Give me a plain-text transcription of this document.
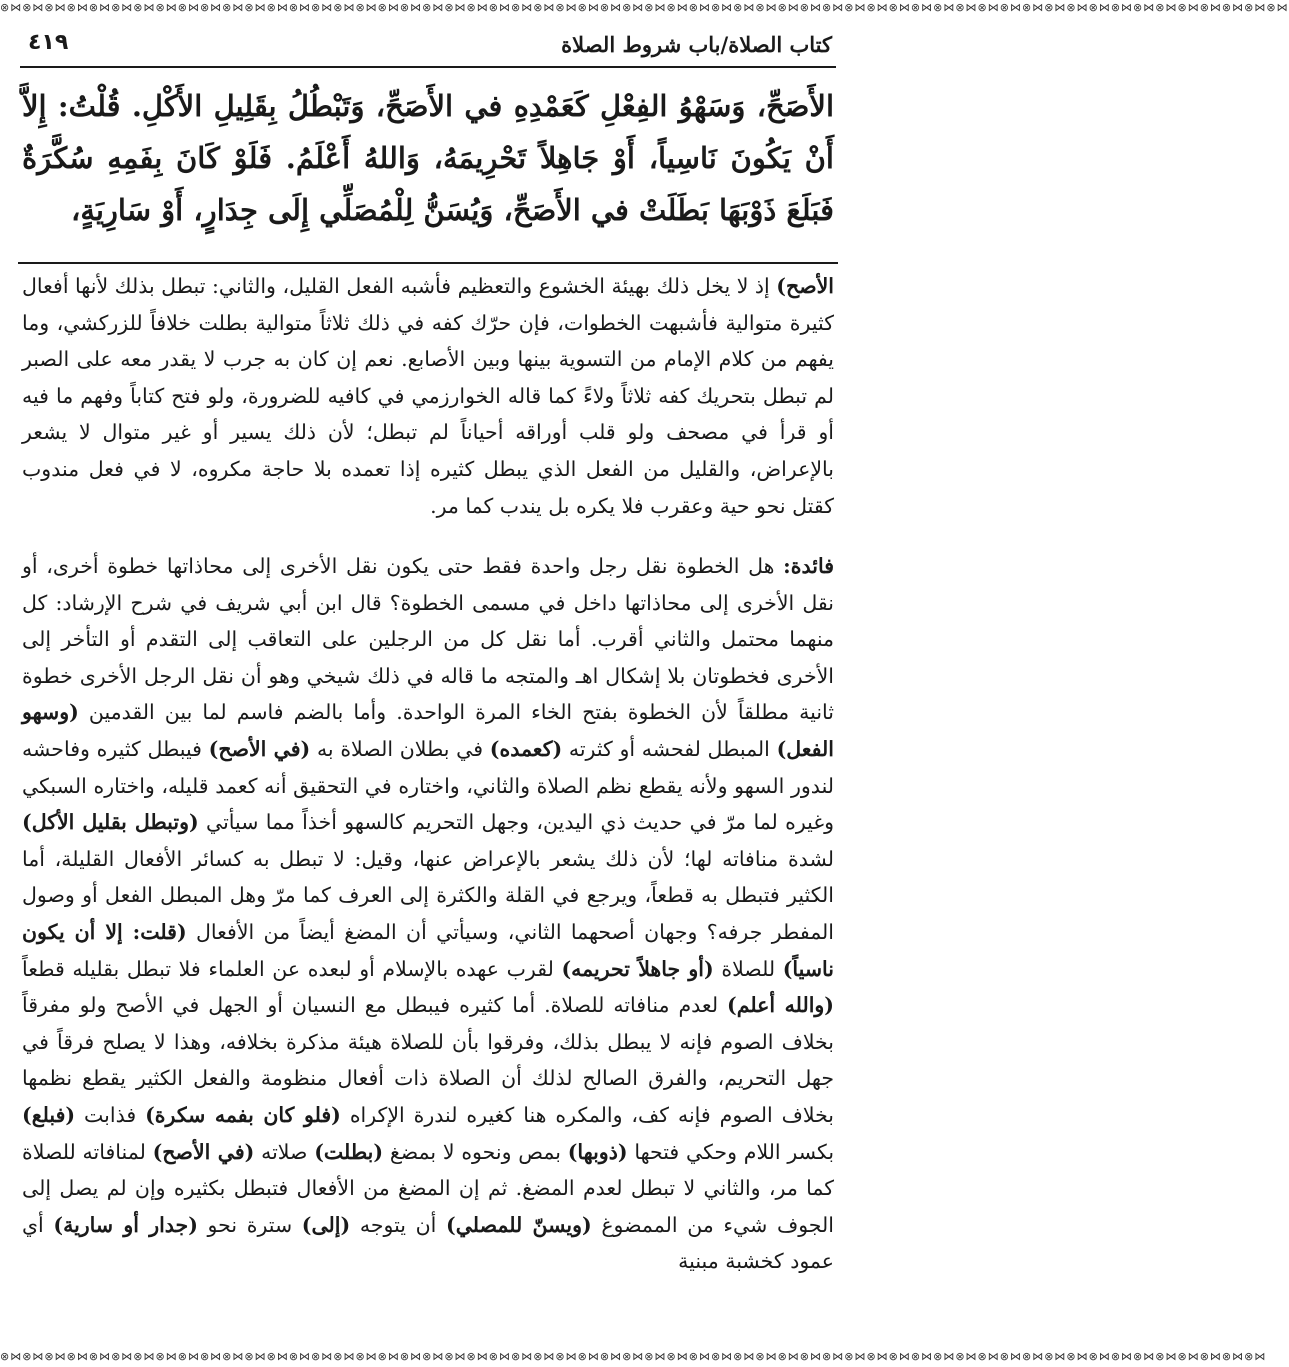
⊗⋈⊗⋈⊗⋈⊗⋈⊗⋈⊗⋈⊗⋈⊗⋈⊗⋈⊗⋈⊗⋈⊗⋈⊗⋈⊗⋈⊗⋈⊗⋈⊗⋈⊗⋈⊗⋈⊗⋈⊗⋈⊗⋈⊗⋈⊗⋈⊗⋈⊗⋈⊗⋈⊗⋈⊗⋈⊗⋈⊗⋈⊗⋈⊗⋈⊗⋈⊗⋈⊗⋈⊗⋈⊗⋈⊗⋈⊗⋈⊗⋈⊗⋈⊗⋈⊗⋈⊗⋈⊗⋈⊗⋈⊗⋈⊗⋈⊗⋈⊗⋈⊗⋈⊗⋈⊗⋈⊗⋈⊗⋈⊗⋈⊗⋈
٤١٩	كتاب الصلاة/باب شروط الصلاة

الأَصَحِّ، وَسَهْوُ الفِعْلِ كَعَمْدِهِ في الأَصَحِّ، وَتَبْطُلُ بِقَلِيلِ الأَكْلِ. قُلْتُ: إِلاَّ أَنْ يَكُونَ نَاسِياً، أَوْ جَاهِلاً تَحْرِيمَهُ، وَاللهُ أَعْلَمُ. فَلَوْ كَانَ بِفَمِهِ سُكَّرَةٌ فَبَلَعَ ذَوْبَهَا بَطَلَتْ في الأَصَحِّ، وَيُسَنُّ لِلْمُصَلِّي إِلَى جِدَارٍ، أَوْ سَارِيَةٍ،

الأصح) إذ لا يخل ذلك بهيئة الخشوع والتعظيم فأشبه الفعل القليل، والثاني: تبطل بذلك لأنها أفعال كثيرة متوالية فأشبهت الخطوات، فإن حرّك كفه في ذلك ثلاثاً متوالية بطلت خلافاً للزركشي، وما يفهم من كلام الإمام من التسوية بينها وبين الأصابع. نعم إن كان به جرب لا يقدر معه على الصبر لم تبطل بتحريك كفه ثلاثاً ولاءً كما قاله الخوارزمي في كافيه للضرورة، ولو فتح كتاباً وفهم ما فيه أو قرأ في مصحف ولو قلب أوراقه أحياناً لم تبطل؛ لأن ذلك يسير أو غير متوال لا يشعر بالإعراض، والقليل من الفعل الذي يبطل كثيره إذا تعمده بلا حاجة مكروه، لا في فعل مندوب كقتل نحو حية وعقرب فلا يكره بل يندب كما مر.

فائدة: هل الخطوة نقل رجل واحدة فقط حتى يكون نقل الأخرى إلى محاذاتها خطوة أخرى، أو نقل الأخرى إلى محاذاتها داخل في مسمى الخطوة؟ قال ابن أبي شريف في شرح الإرشاد: كل منهما محتمل والثاني أقرب. أما نقل كل من الرجلين على التعاقب إلى التقدم أو التأخر إلى الأخرى فخطوتان بلا إشكال اهـ والمتجه ما قاله في ذلك شيخي وهو أن نقل الرجل الأخرى خطوة ثانية مطلقاً لأن الخطوة بفتح الخاء المرة الواحدة. وأما بالضم فاسم لما بين القدمين (وسهو الفعل) المبطل لفحشه أو كثرته (كعمده) في بطلان الصلاة به (في الأصح) فيبطل كثيره وفاحشه لندور السهو ولأنه يقطع نظم الصلاة والثاني، واختاره في التحقيق أنه كعمد قليله، واختاره السبكي وغيره لما مرّ في حديث ذي اليدين، وجهل التحريم كالسهو أخذاً مما سيأتي (وتبطل بقليل الأكل) لشدة منافاته لها؛ لأن ذلك يشعر بالإعراض عنها، وقيل: لا تبطل به كسائر الأفعال القليلة، أما الكثير فتبطل به قطعاً، ويرجع في القلة والكثرة إلى العرف كما مرّ وهل المبطل الفعل أو وصول المفطر جرفه؟ وجهان أصحهما الثاني، وسيأتي أن المضغ أيضاً من الأفعال (قلت: إلا أن يكون ناسياً) للصلاة (أو جاهلاً تحريمه) لقرب عهده بالإسلام أو لبعده عن العلماء فلا تبطل بقليله قطعاً (والله أعلم) لعدم منافاته للصلاة. أما كثيره فيبطل مع النسيان أو الجهل في الأصح ولو مفرقاً بخلاف الصوم فإنه لا يبطل بذلك، وفرقوا بأن للصلاة هيئة مذكرة بخلافه، وهذا لا يصلح فرقاً في جهل التحريم، والفرق الصالح لذلك أن الصلاة ذات أفعال منظومة والفعل الكثير يقطع نظمها بخلاف الصوم فإنه كف، والمكره هنا كغيره لندرة الإكراه (فلو كان بفمه سكرة) فذابت (فبلع) بكسر اللام وحكي فتحها (ذوبها) بمص ونحوه لا بمضغ (بطلت) صلاته (في الأصح) لمنافاته للصلاة كما مر، والثاني لا تبطل لعدم المضغ. ثم إن المضغ من الأفعال فتبطل بكثيره وإن لم يصل إلى الجوف شيء من الممضوغ (ويسنّ للمصلي) أن يتوجه (إلى) سترة نحو (جدار أو سارية) أي عمود كخشبة مبنية

⊗⋈⊗⋈⊗⋈⊗⋈⊗⋈⊗⋈⊗⋈⊗⋈⊗⋈⊗⋈⊗⋈⊗⋈⊗⋈⊗⋈⊗⋈⊗⋈⊗⋈⊗⋈⊗⋈⊗⋈⊗⋈⊗⋈⊗⋈⊗⋈⊗⋈⊗⋈⊗⋈⊗⋈⊗⋈⊗⋈⊗⋈⊗⋈⊗⋈⊗⋈⊗⋈⊗⋈⊗⋈⊗⋈⊗⋈⊗⋈⊗⋈⊗⋈⊗⋈⊗⋈⊗⋈⊗⋈⊗⋈⊗⋈⊗⋈⊗⋈⊗⋈⊗⋈⊗⋈⊗⋈⊗⋈⊗⋈⊗⋈
